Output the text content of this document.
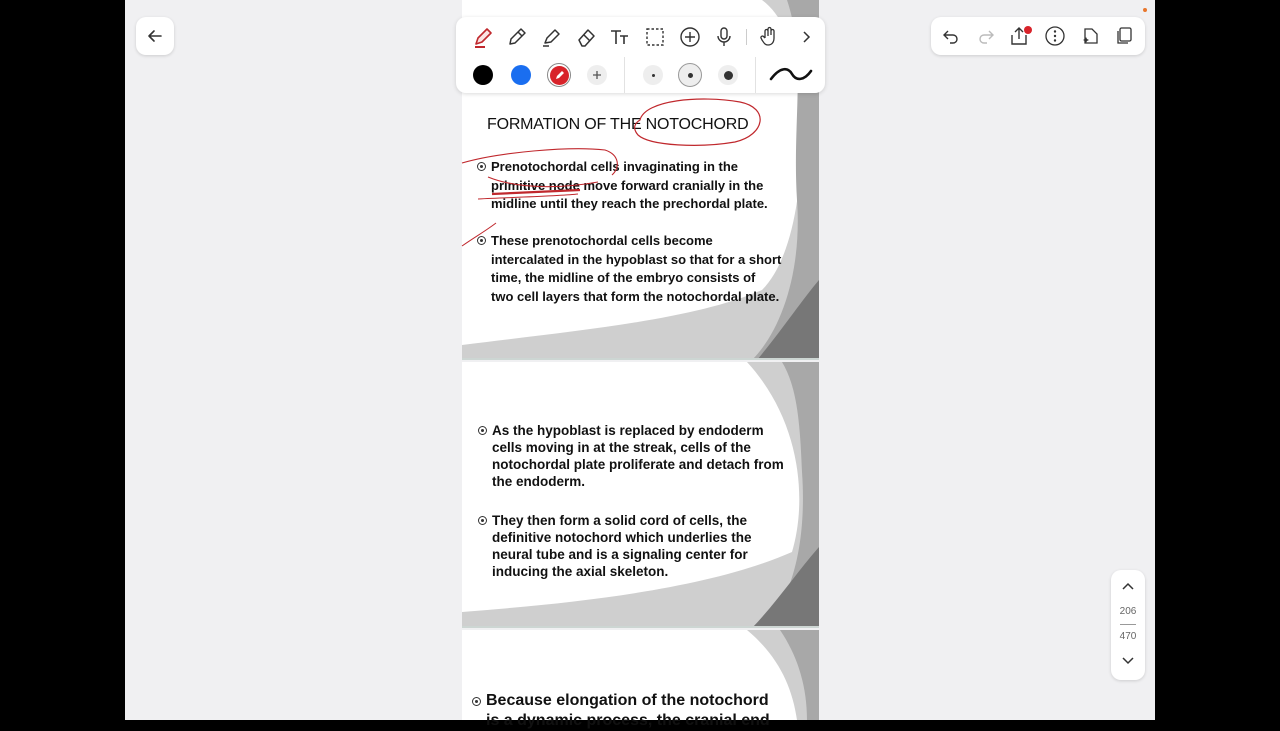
FORMATION OF THE NOTOCHORD
Prenotochordal cells invaginating in the
primitive node move forward cranially in the
midline until they reach the prechordal plate.
These prenotochordal cells become
intercalated in the hypoblast so that for a short
time, the midline of the embryo consists of
two cell layers that form the notochordal plate.
As the hypoblast is replaced by endoderm
cells moving in at the streak, cells of the
notochordal plate proliferate and detach from
the endoderm.
They then form a solid cord of cells, the
definitive notochord which underlies the
neural tube and is a signaling center for
inducing the axial skeleton.
Because elongation of the notochord
is a dynamic process, the cranial end
206
470
